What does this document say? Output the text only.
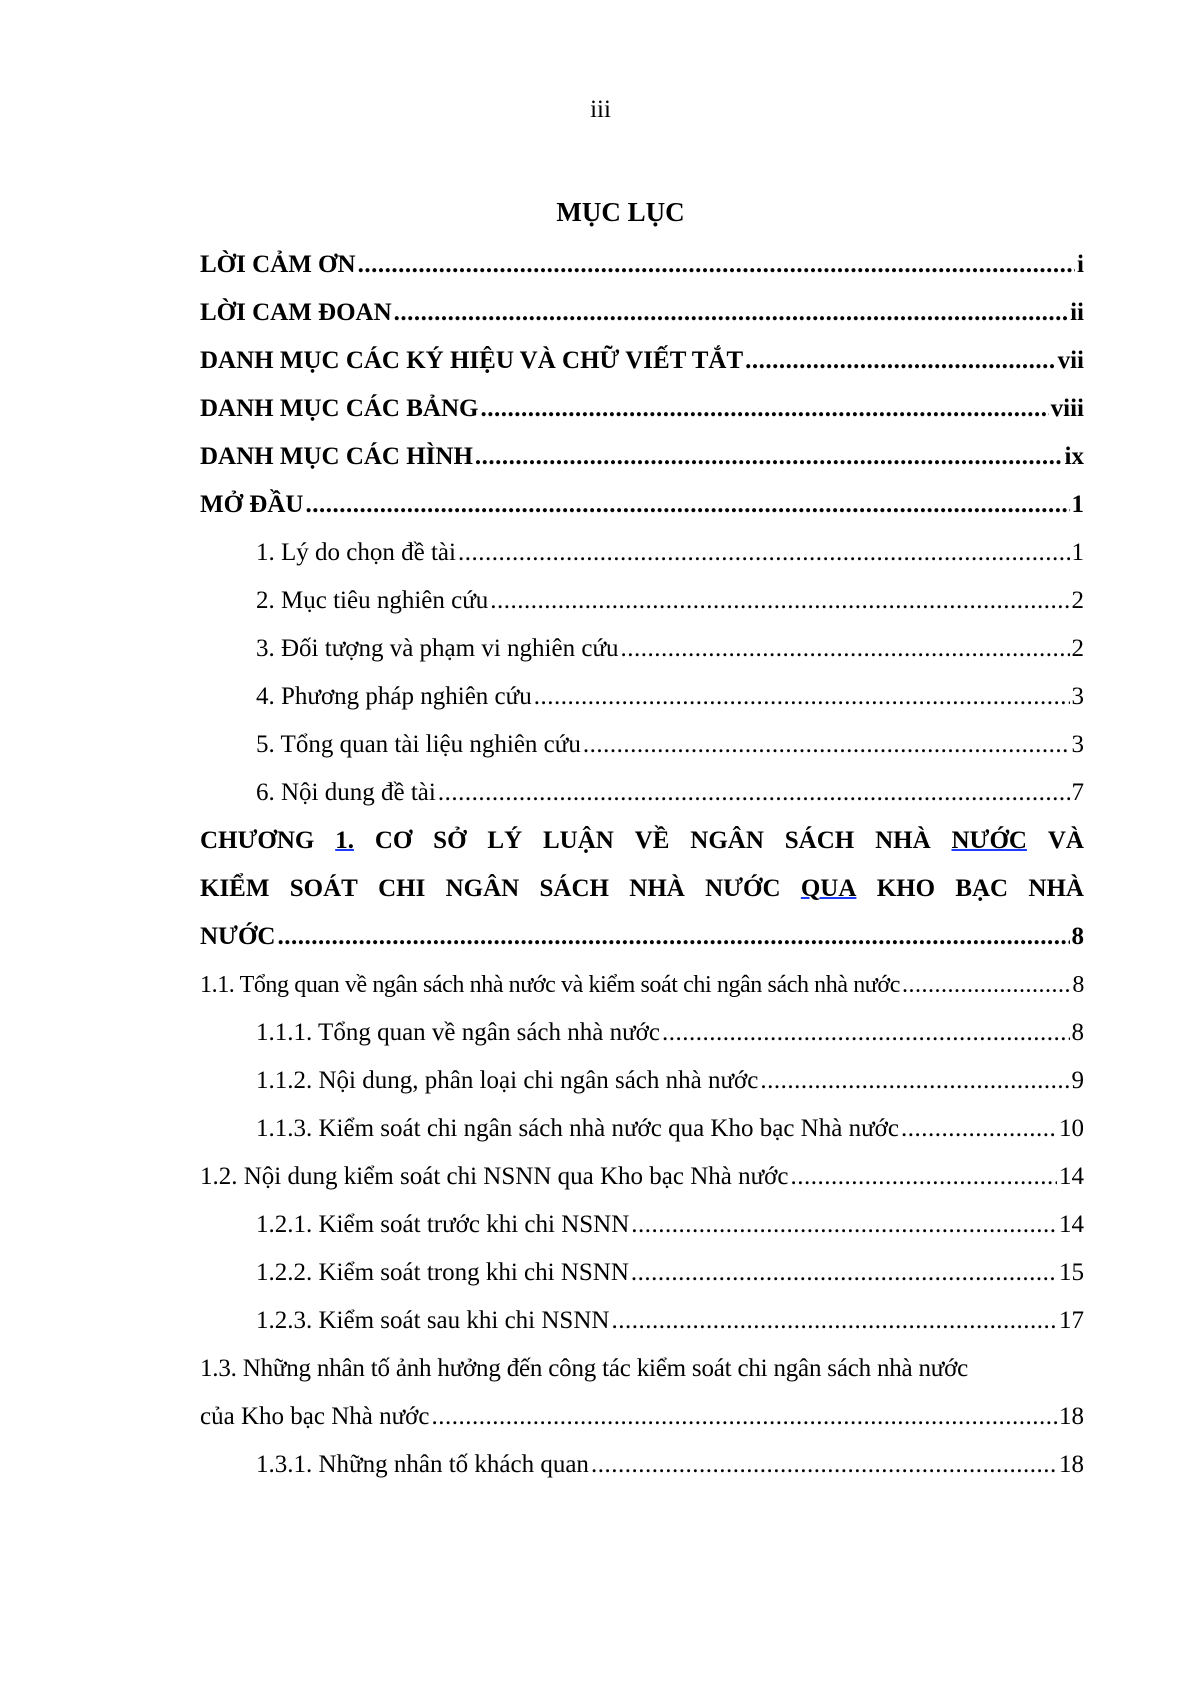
iii
MỤC LỤC
LỜI CẢM ƠN .....	i
LỜI CAM ĐOAN .....	ii
DANH MỤC CÁC KÝ HIỆU VÀ CHỮ VIẾT TẮT .....	vii
DANH MỤC CÁC BẢNG .....	viii
DANH MỤC CÁC HÌNH .....	ix
MỞ ĐẦU .....	1
1. Lý do chọn đề tài .....	1
2. Mục tiêu nghiên cứu .....	2
3. Đối tượng và phạm vi nghiên cứu .....	2
4. Phương pháp nghiên cứu .....	3
5. Tổng quan tài liệu nghiên cứu .....	3
6. Nội dung đề tài .....	7
CHƯƠNG 1. CƠ SỞ LÝ LUẬN VỀ NGÂN SÁCH NHÀ NƯỚC VÀ
KIỂM SOÁT CHI NGÂN SÁCH NHÀ NƯỚC QUA KHO BẠC NHÀ
NƯỚC .....	8
1.1. Tổng quan về ngân sách nhà nước và kiểm soát chi ngân sách nhà nước .....	8
1.1.1. Tổng quan về ngân sách nhà nước .....	8
1.1.2. Nội dung, phân loại chi ngân sách nhà nước .....	9
1.1.3. Kiểm soát chi ngân sách nhà nước qua Kho bạc Nhà nước .....	10
1.2. Nội dung kiểm soát chi NSNN qua Kho bạc Nhà nước .....	14
1.2.1. Kiểm soát trước khi chi NSNN .....	14
1.2.2. Kiểm soát trong khi chi NSNN .....	15
1.2.3. Kiểm soát sau khi chi NSNN .....	17
1.3. Những nhân tố ảnh hưởng đến công tác kiểm soát chi ngân sách nhà nước
của Kho bạc Nhà nước .....	18
1.3.1. Những nhân tố khách quan .....	18
